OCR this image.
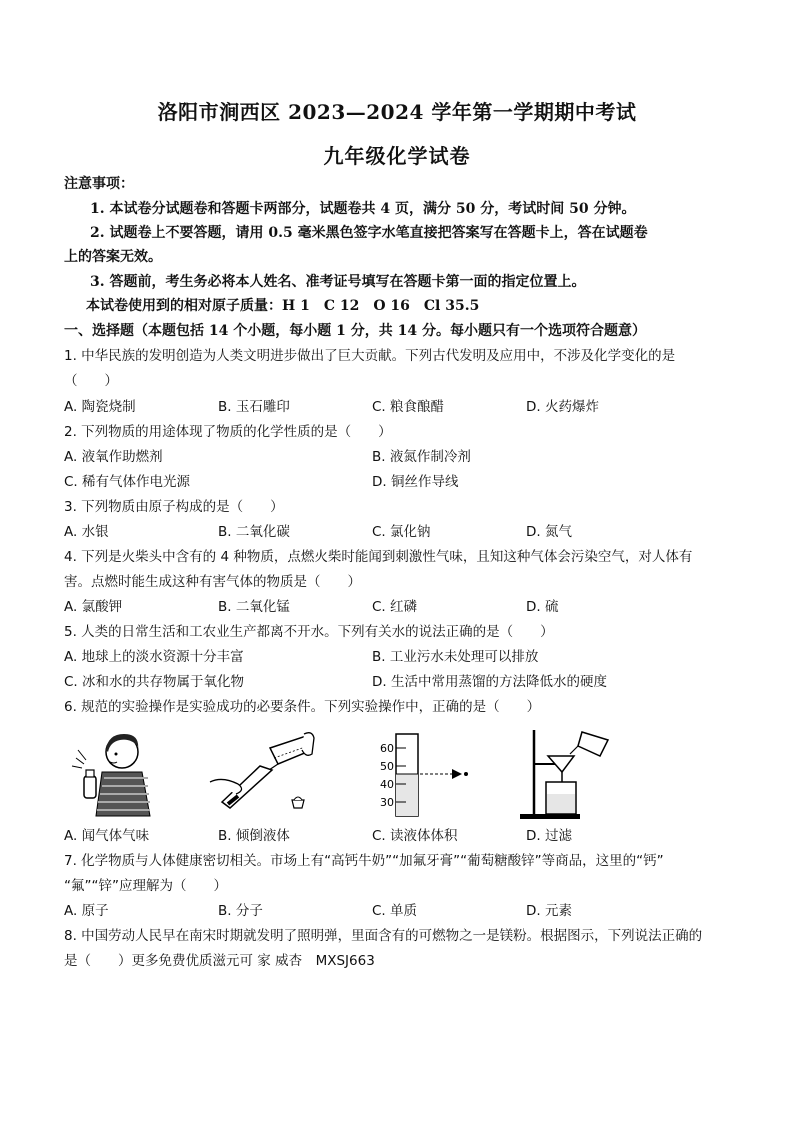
洛阳市涧西区 2023—2024 学年第一学期期中考试
九年级化学试卷
注意事项：
1. 本试卷分试题卷和答题卡两部分，试题卷共 4 页，满分 50 分，考试时间 50 分钟。
2. 试题卷上不要答题，请用 0.5 毫米黑色签字水笔直接把答案写在答题卡上，答在试题卷
上的答案无效。
3. 答题前，考生务必将本人姓名、准考证号填写在答题卡第一面的指定位置上。
本试卷使用到的相对原子质量：H 1　C 12　O 16　Cl 35.5
一、选择题（本题包括 14 个小题，每小题 1 分，共 14 分。每小题只有一个选项符合题意）
1. 中华民族的发明创造为人类文明进步做出了巨大贡献。下列古代发明及应用中，不涉及化学变化的是
（　　）
A. 陶瓷烧制	B. 玉石雕印	C. 粮食酿醋	D. 火药爆炸
2. 下列物质的用途体现了物质的化学性质的是（　　）
A. 液氧作助燃剂	B. 液氮作制冷剂
C. 稀有气体作电光源	D. 铜丝作导线
3. 下列物质由原子构成的是（　　）
A. 水银	B. 二氧化碳	C. 氯化钠	D. 氮气
4. 下列是火柴头中含有的 4 种物质，点燃火柴时能闻到刺激性气味，且知这种气体会污染空气，对人体有
害。点燃时能生成这种有害气体的物质是（　　）
A. 氯酸钾	B. 二氧化锰	C. 红磷	D. 硫
5. 人类的日常生活和工农业生产都离不开水。下列有关水的说法正确的是（　　）
A. 地球上的淡水资源十分丰富	B. 工业污水未处理可以排放
C. 冰和水的共存物属于氧化物	D. 生活中常用蒸馏的方法降低水的硬度
6. 规范的实验操作是实验成功的必要条件。下列实验操作中，正确的是（　　）
60
50
40
30
A. 闻气体气味	B. 倾倒液体	C. 读液体体积	D. 过滤
7. 化学物质与人体健康密切相关。市场上有“高钙牛奶”“加氟牙膏”“葡萄糖酸锌”等商品，这里的“钙”
“氟”“锌”应理解为（　　）
A. 原子	B. 分子	C. 单质	D. 元素
8. 中国劳动人民早在南宋时期就发明了照明弹，里面含有的可燃物之一是镁粉。根据图示，下列说法正确的
是（　　）更多免费优质滋元可 家 威杏　MXSJ663
